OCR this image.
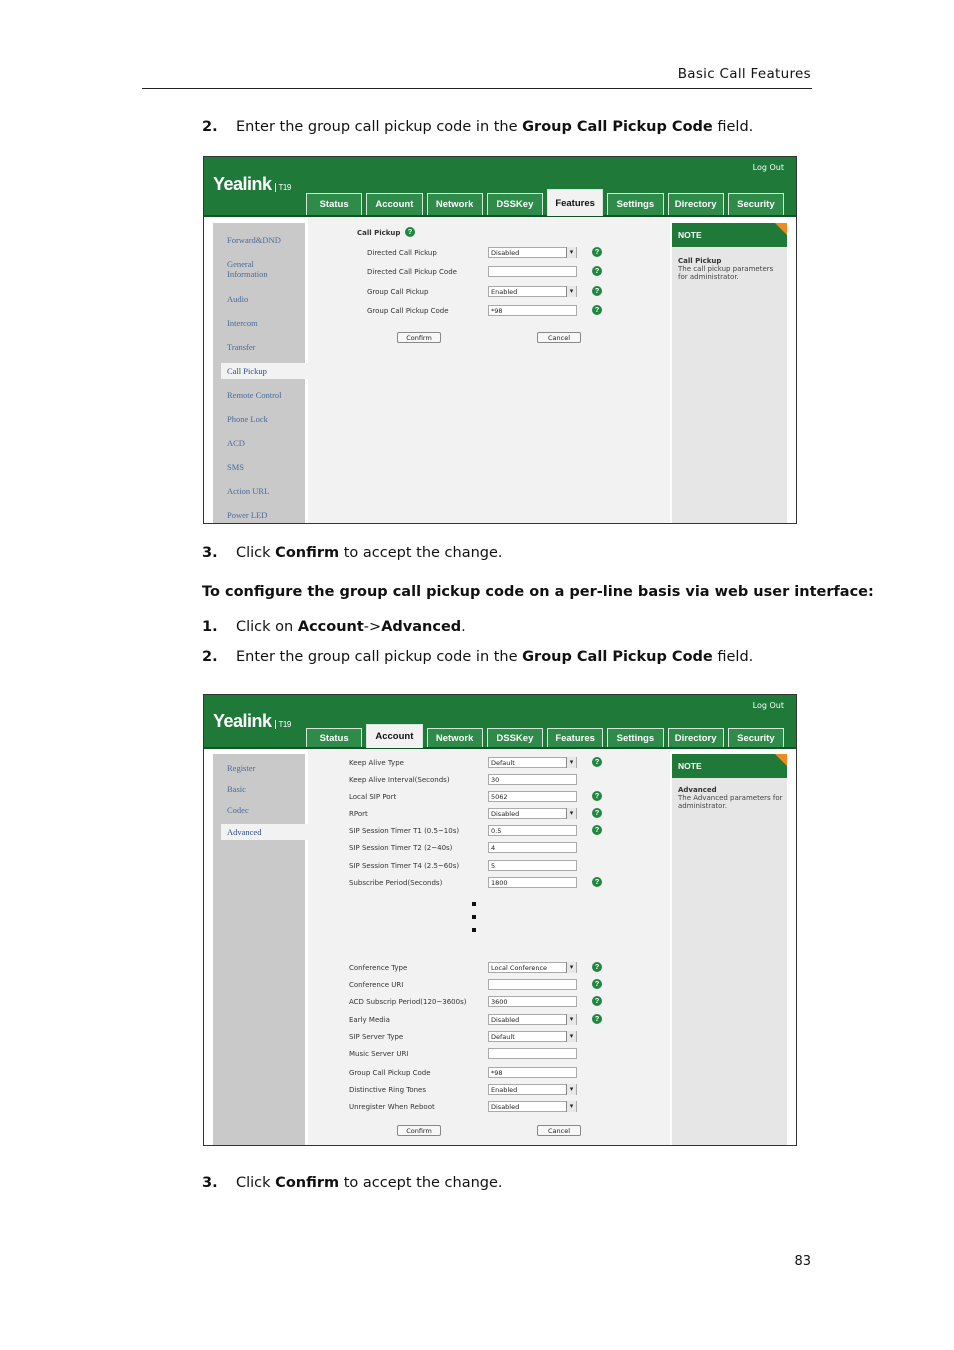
Basic Call Features
2. Enter the group call pickup code in the Group Call Pickup Code field.
Yealink T19
Log Out
Status	Account	Network	DSSKey	Features	Settings	Directory	Security
Forward&DND
General Information
Audio
Intercom
Transfer
Call Pickup
Remote Control
Phone Lock
ACD
SMS
Action URL
Power LED
Call Pickup ?
Directed Call Pickup	Disabled ▾	?
Directed Call Pickup Code	?
Group Call Pickup	Enabled ▾	?
Group Call Pickup Code	*98	?
Confirm	Cancel
NOTE
Call Pickup
The call pickup parameters for administrator.
3. Click Confirm to accept the change.
To configure the group call pickup code on a per-line basis via web user interface:
1. Click on Account->Advanced.
2. Enter the group call pickup code in the Group Call Pickup Code field.
Yealink T19
Log Out
Status	Account	Network	DSSKey	Features	Settings	Directory	Security
Register
Basic
Codec
Advanced
Keep Alive Type	Default ▾	?
Keep Alive Interval(Seconds)	30
Local SIP Port	5062	?
RPort	Disabled ▾	?
SIP Session Timer T1 (0.5~10s)	0.5	?
SIP Session Timer T2 (2~40s)	4
SIP Session Timer T4 (2.5~60s)	5
Subscribe Period(Seconds)	1800	?
Conference Type	Local Conference ▾	?
Conference URI	?
ACD Subscrip Period(120~3600s)	3600	?
Early Media	Disabled ▾	?
SIP Server Type	Default ▾
Music Server URI
Group Call Pickup Code	*98
Distinctive Ring Tones	Enabled ▾
Unregister When Reboot	Disabled ▾
Confirm	Cancel
NOTE
Advanced
The Advanced parameters for administrator.
3. Click Confirm to accept the change.
83
